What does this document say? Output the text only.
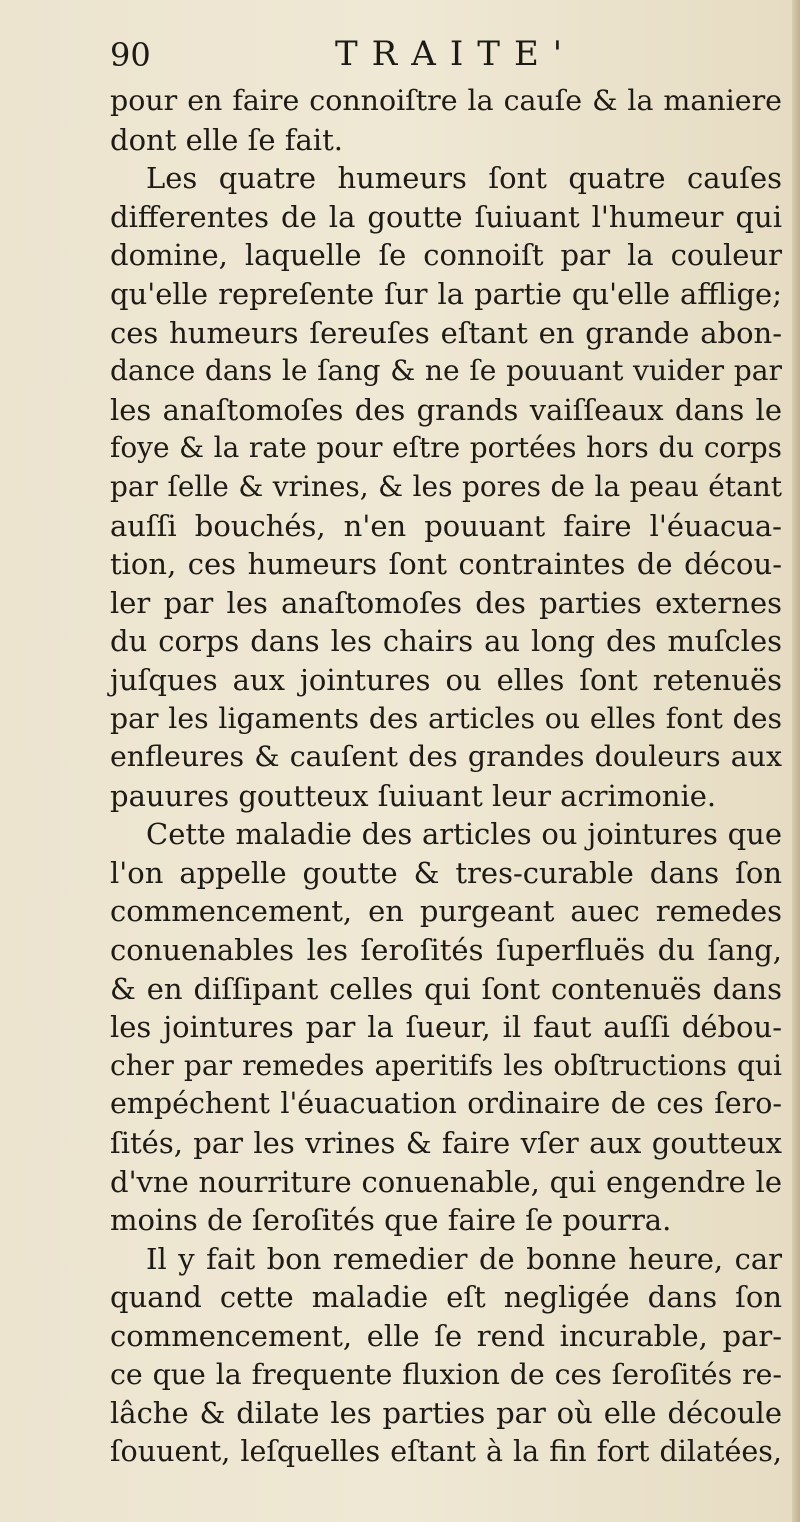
90	TRAITE'
pour en faire connoiſtre la cauſe & la maniere
dont elle ſe fait.
Les quatre humeurs ſont quatre cauſes
differentes de la goutte ſuiuant l'humeur qui
domine, laquelle ſe connoiſt par la couleur
qu'elle repreſente ſur la partie qu'elle afflige;
ces humeurs ſereuſes eſtant en grande abon-
dance dans le ſang & ne ſe pouuant vuider par
les anaſtomoſes des grands vaiſſeaux dans le
foye & la rate pour eſtre portées hors du corps
par ſelle & vrines, & les pores de la peau étant
auſſi bouchés, n'en pouuant faire l'éuacua-
tion, ces humeurs ſont contraintes de décou-
ler par les anaſtomoſes des parties externes
du corps dans les chairs au long des muſcles
juſques aux jointures ou elles ſont retenuës
par les ligaments des articles ou elles font des
enfleures & cauſent des grandes douleurs aux
pauures goutteux ſuiuant leur acrimonie.
Cette maladie des articles ou jointures que
l'on appelle goutte & tres-curable dans ſon
commencement, en purgeant auec remedes
conuenables les ſeroſités ſuperfluës du ſang,
& en diſſipant celles qui ſont contenuës dans
les jointures par la ſueur, il faut auſſi débou-
cher par remedes aperitifs les obſtructions qui
empéchent l'éuacuation ordinaire de ces ſero-
ſités, par les vrines & faire vſer aux goutteux
d'vne nourriture conuenable, qui engendre le
moins de ſeroſités que faire ſe pourra.
Il y fait bon remedier de bonne heure, car
quand cette maladie eſt negligée dans ſon
commencement, elle ſe rend incurable, par-
ce que la frequente fluxion de ces ſeroſités re-
lâche & dilate les parties par où elle découle
ſouuent, leſquelles eſtant à la fin fort dilatées,
